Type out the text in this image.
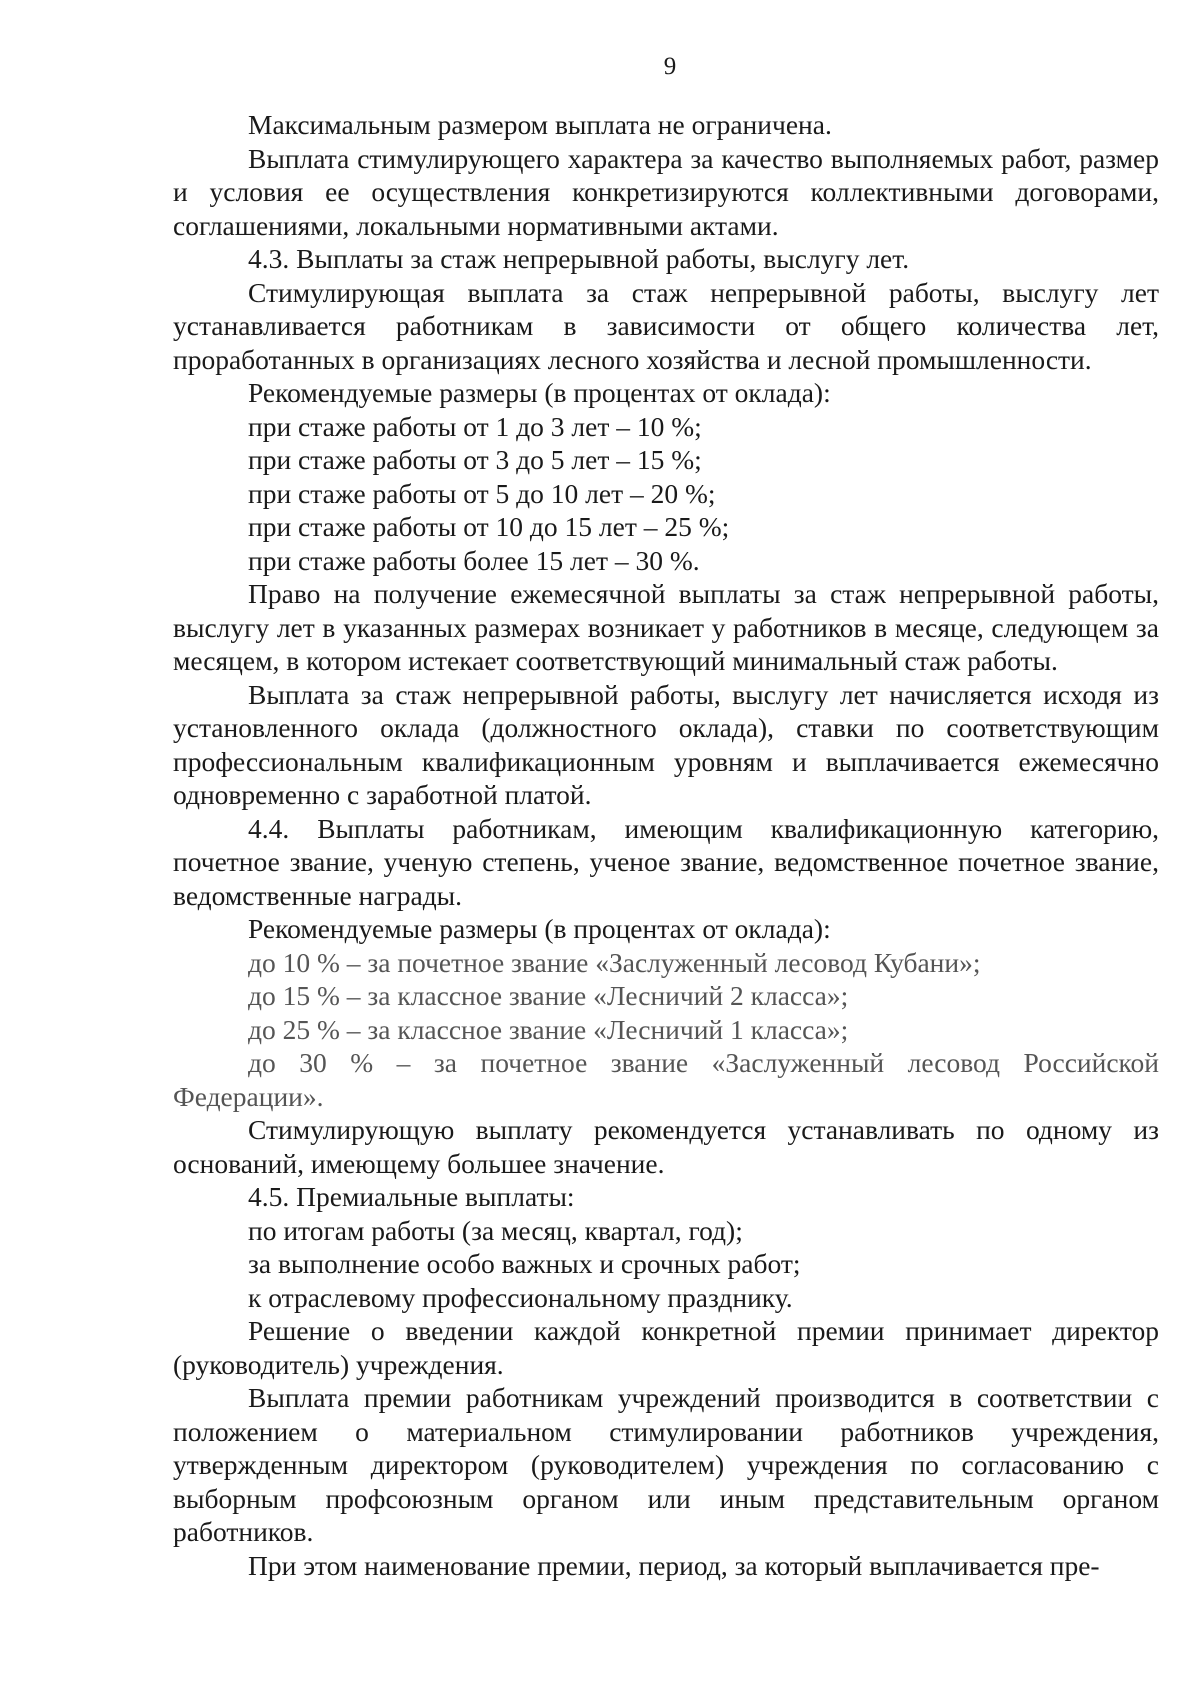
9

Максимальным размером выплата не ограничена.

Выплата стимулирующего характера за качество выполняемых работ, размер и условия ее осуществления конкретизируются коллективными договорами, соглашениями, локальными нормативными актами.

4.3. Выплаты за стаж непрерывной работы, выслугу лет.

Стимулирующая выплата за стаж непрерывной работы, выслугу лет устанавливается работникам в зависимости от общего количества лет, проработанных в организациях лесного хозяйства и лесной промышленности.

Рекомендуемые размеры (в процентах от оклада):

при стаже работы от 1 до 3 лет – 10 %;

при стаже работы от 3 до 5 лет – 15 %;

при стаже работы от 5 до 10 лет – 20 %;

при стаже работы от 10 до 15 лет – 25 %;

при стаже работы более 15 лет – 30 %.

Право на получение ежемесячной выплаты за стаж непрерывной работы, выслугу лет в указанных размерах возникает у работников в месяце, следующем за месяцем, в котором истекает соответствующий минимальный стаж работы.

Выплата за стаж непрерывной работы, выслугу лет начисляется исходя из установленного оклада (должностного оклада), ставки по соответствующим профессиональным квалификационным уровням и выплачивается ежемесячно одновременно с заработной платой.

4.4. Выплаты работникам, имеющим квалификационную категорию, почетное звание, ученую степень, ученое звание, ведомственное почетное звание, ведомственные награды.

Рекомендуемые размеры (в процентах от оклада):

до 10 % – за почетное звание «Заслуженный лесовод Кубани»;

до 15 % – за классное звание «Лесничий 2 класса»;

до 25 % – за классное звание «Лесничий 1 класса»;

до 30 % – за почетное звание «Заслуженный лесовод Российской Федерации».

Стимулирующую выплату рекомендуется устанавливать по одному из оснований, имеющему большее значение.

4.5. Премиальные выплаты:

по итогам работы (за месяц, квартал, год);

за выполнение особо важных и срочных работ;

к отраслевому профессиональному празднику.

Решение о введении каждой конкретной премии принимает директор (руководитель) учреждения.

Выплата премии работникам учреждений производится в соответствии с положением о материальном стимулировании работников учреждения, утвержденным директором (руководителем) учреждения по согласованию с выборным профсоюзным органом или иным представительным органом работников.

При этом наименование премии, период, за который выплачивается пре-
